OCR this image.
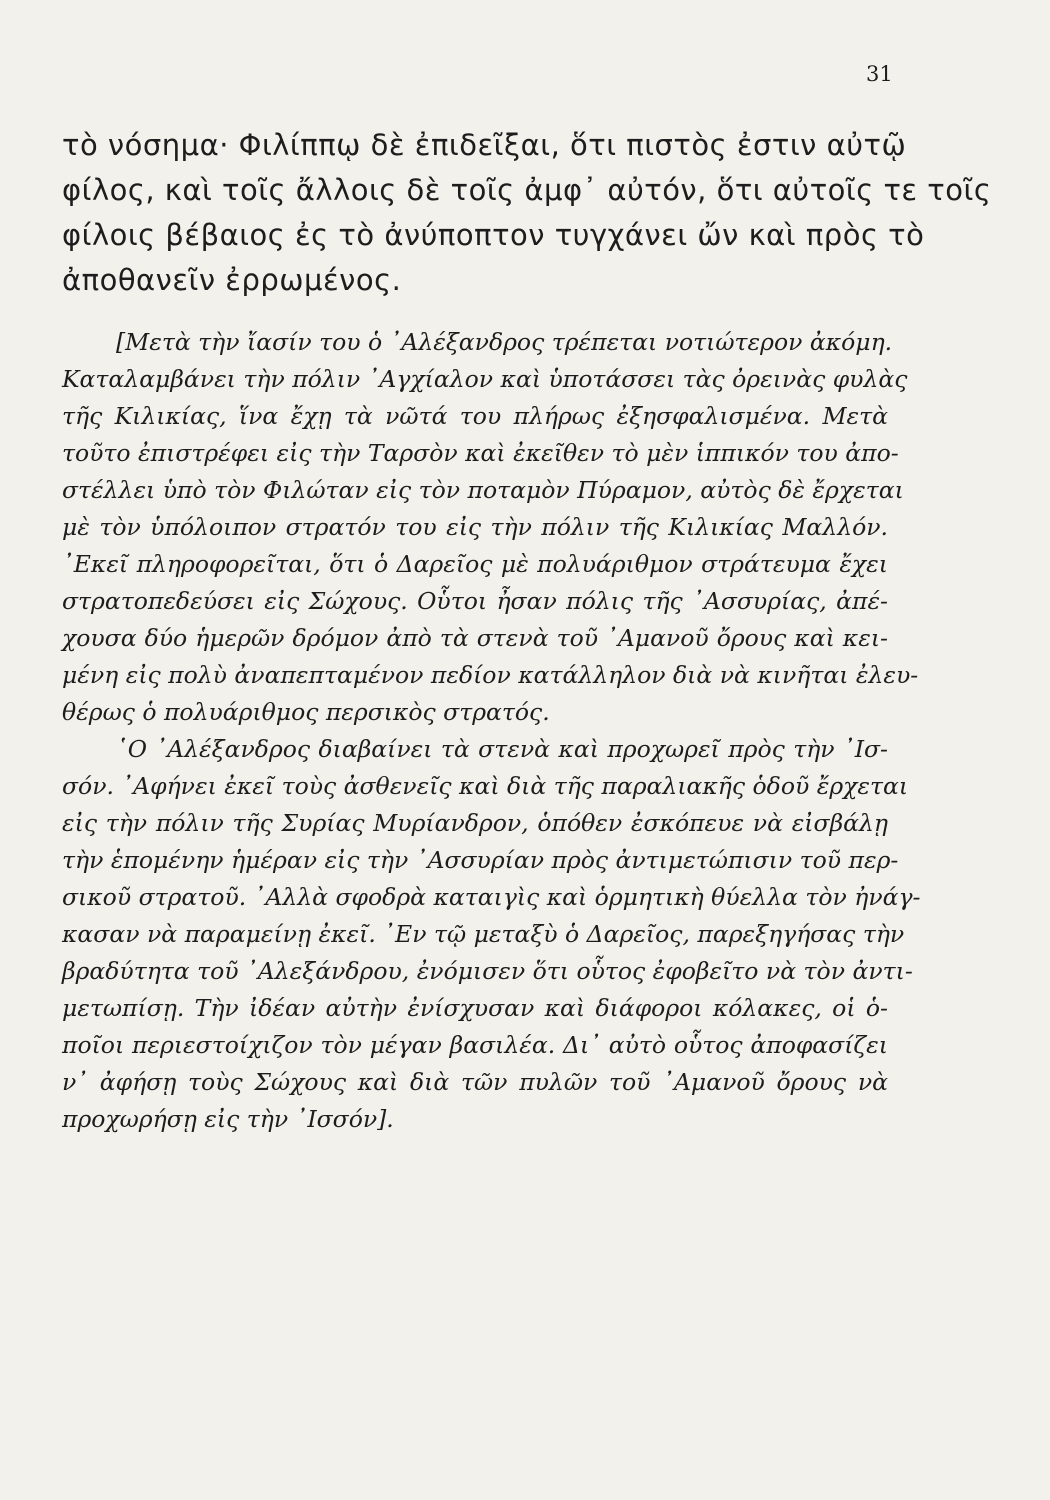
31

τὸ νόσημα· Φιλίππῳ δὲ ἐπιδεῖξαι, ὅτι πιστὸς ἐστιν αὐτῷ

φίλος, καὶ τοῖς ἄλλοις δὲ τοῖς ἀμφ᾽ αὐτόν, ὅτι αὐτοῖς τε τοῖς

φίλοις βέβαιος ἐς τὸ ἀνύποπτον τυγχάνει ὤν καὶ πρὸς τὸ

ἀποθανεῖν ἐρρωμένος.

[Μετὰ τὴν ἴασίν του ὁ ᾿Αλέξανδρος τρέπεται νοτιώτερον ἀκόμη.

Καταλαμβάνει τὴν πόλιν ᾿Αγχίαλον καὶ ὑποτάσσει τὰς ὀρεινὰς φυλὰς

τῆς Κιλικίας, ἵνα ἔχῃ τὰ νῶτά του πλήρως ἐξησφαλισμένα. Μετὰ

τοῦτο ἐπιστρέφει εἰς τὴν Ταρσὸν καὶ ἐκεῖθεν τὸ μὲν ἱππικόν του ἀπο-

στέλλει ὑπὸ τὸν Φιλώταν εἰς τὸν ποταμὸν Πύραμον, αὐτὸς δὲ ἔρχεται

μὲ τὸν ὑπόλοιπον στρατόν του εἰς τὴν πόλιν τῆς Κιλικίας Μαλλόν.

᾿Εκεῖ πληροφορεῖται, ὅτι ὁ Δαρεῖος μὲ πολυάριθμον στράτευμα ἔχει

στρατοπεδεύσει εἰς Σώχους. Οὗτοι ἦσαν πόλις τῆς ᾿Ασσυρίας, ἀπέ-

χουσα δύο ἡμερῶν δρόμον ἀπὸ τὰ στενὰ τοῦ ᾿Αμανοῦ ὄρους καὶ κει-

μένη εἰς πολὺ ἀναπεπταμένον πεδίον κατάλληλον διὰ νὰ κινῆται ἐλευ-

θέρως ὁ πολυάριθμος περσικὸς στρατός.

῾Ο ᾿Αλέξανδρος διαβαίνει τὰ στενὰ καὶ προχωρεῖ πρὸς τὴν ᾿Ισ-

σόν. ᾿Αφήνει ἐκεῖ τοὺς ἀσθενεῖς καὶ διὰ τῆς παραλιακῆς ὁδοῦ ἔρχεται

εἰς τὴν πόλιν τῆς Συρίας Μυρίανδρον, ὁπόθεν ἐσκόπευε νὰ εἰσβάλῃ

τὴν ἑπομένην ἡμέραν εἰς τὴν ᾿Ασσυρίαν πρὸς ἀντιμετώπισιν τοῦ περ-

σικοῦ στρατοῦ. ᾿Αλλὰ σφοδρὰ καταιγὶς καὶ ὁρμητικὴ θύελλα τὸν ἠνάγ-

κασαν νὰ παραμείνῃ ἐκεῖ. ᾿Εν τῷ μεταξὺ ὁ Δαρεῖος, παρεξηγήσας τὴν

βραδύτητα τοῦ ᾿Αλεξάνδρου, ἐνόμισεν ὅτι οὗτος ἐφοβεῖτο νὰ τὸν ἀντι-

μετωπίσῃ. Τὴν ἰδέαν αὐτὴν ἐνίσχυσαν καὶ διάφοροι κόλακες, οἱ ὁ-

ποῖοι περιεστοίχιζον τὸν μέγαν βασιλέα. Δι᾿ αὐτὸ οὗτος ἀποφασίζει

ν᾿ ἀφήσῃ τοὺς Σώχους καὶ διὰ τῶν πυλῶν τοῦ ᾿Αμανοῦ ὄρους νὰ

προχωρήσῃ εἰς τὴν ᾿Ισσόν].
